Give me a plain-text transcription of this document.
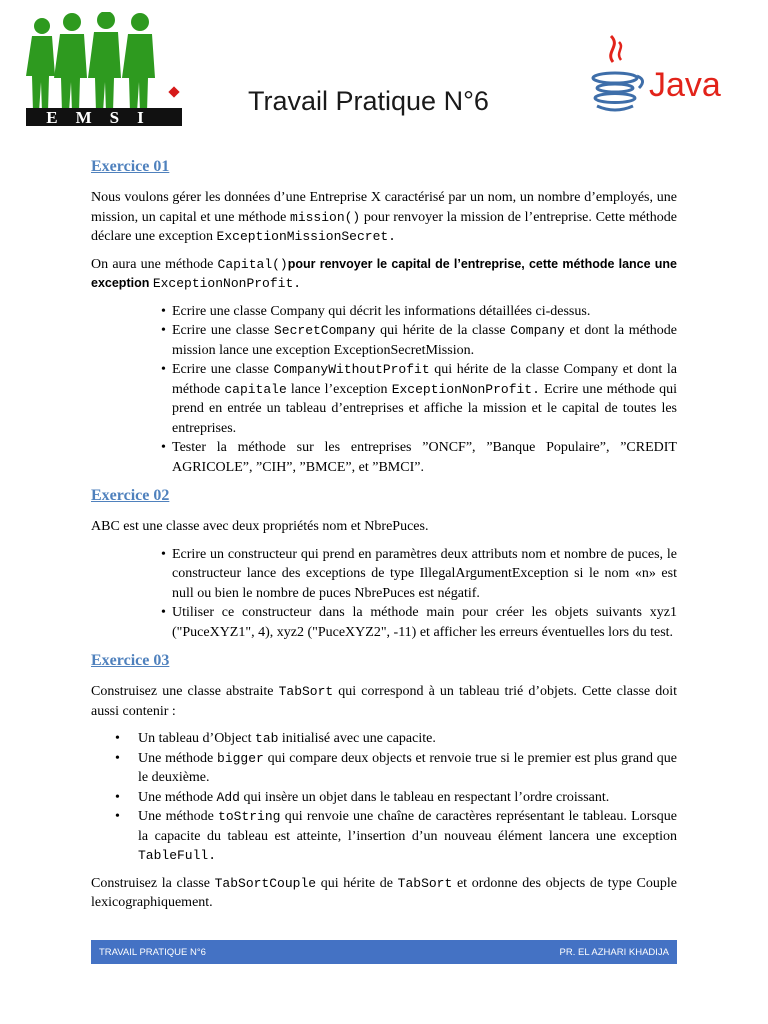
EMSI
Java
Travail Pratique N°6
Exercice 01

Nous voulons gérer les données d’une Entreprise X caractérisé par un nom, un nombre d’employés, une mission, un capital et une méthode mission() pour renvoyer la mission de l’entreprise. Cette méthode déclare une exception ExceptionMissionSecret.

On aura une méthode Capital()pour renvoyer le capital de l’entreprise, cette méthode lance une exception ExceptionNonProfit.

• Ecrire une classe Company qui décrit les informations détaillées ci-dessus.
• Ecrire une classe SecretCompany qui hérite de la classe Company et dont la méthode mission lance une exception ExceptionSecretMission.
• Ecrire une classe CompanyWithoutProfit qui hérite de la classe Company et dont la méthode capitale lance l’exception ExceptionNonProfit. Ecrire une méthode qui prend en entrée un tableau d’entreprises et affiche la mission et le capital de toutes les entreprises.
• Tester la méthode sur les entreprises ”ONCF”, ”Banque Populaire”, ”CREDIT AGRICOLE”, ”CIH”, ”BMCE”, et ”BMCI”.
Exercice 02

ABC est une classe avec deux propriétés nom et NbrePuces.

• Ecrire un constructeur qui prend en paramètres deux attributs nom et nombre de puces, le constructeur lance des exceptions de type IllegalArgumentException si le nom «n» est null ou bien le nombre de puces NbrePuces est négatif.
• Utiliser ce constructeur dans la méthode main pour créer les objets suivants xyz1 ("PuceXYZ1", 4), xyz2 ("PuceXYZ2", -11) et afficher les erreurs éventuelles lors du test.
Exercice 03

Construisez une classe abstraite TabSort qui correspond à un tableau trié d’objets. Cette classe doit aussi contenir :

• Un tableau d’Object tab initialisé avec une capacite.
• Une méthode bigger qui compare deux objects et renvoie true si le premier est plus grand que le deuxième.
• Une méthode Add qui insère un objet dans le tableau en respectant l’ordre croissant.
• Une méthode toString qui renvoie une chaîne de caractères représentant le tableau. Lorsque la capacite du tableau est atteinte, l’insertion d’un nouveau élément lancera une exception TableFull.

Construisez la classe TabSortCouple qui hérite de TabSort et ordonne des objects de type Couple lexicographiquement.

TRAVAIL PRATIQUE N°6	PR. EL AZHARI KHADIJA
